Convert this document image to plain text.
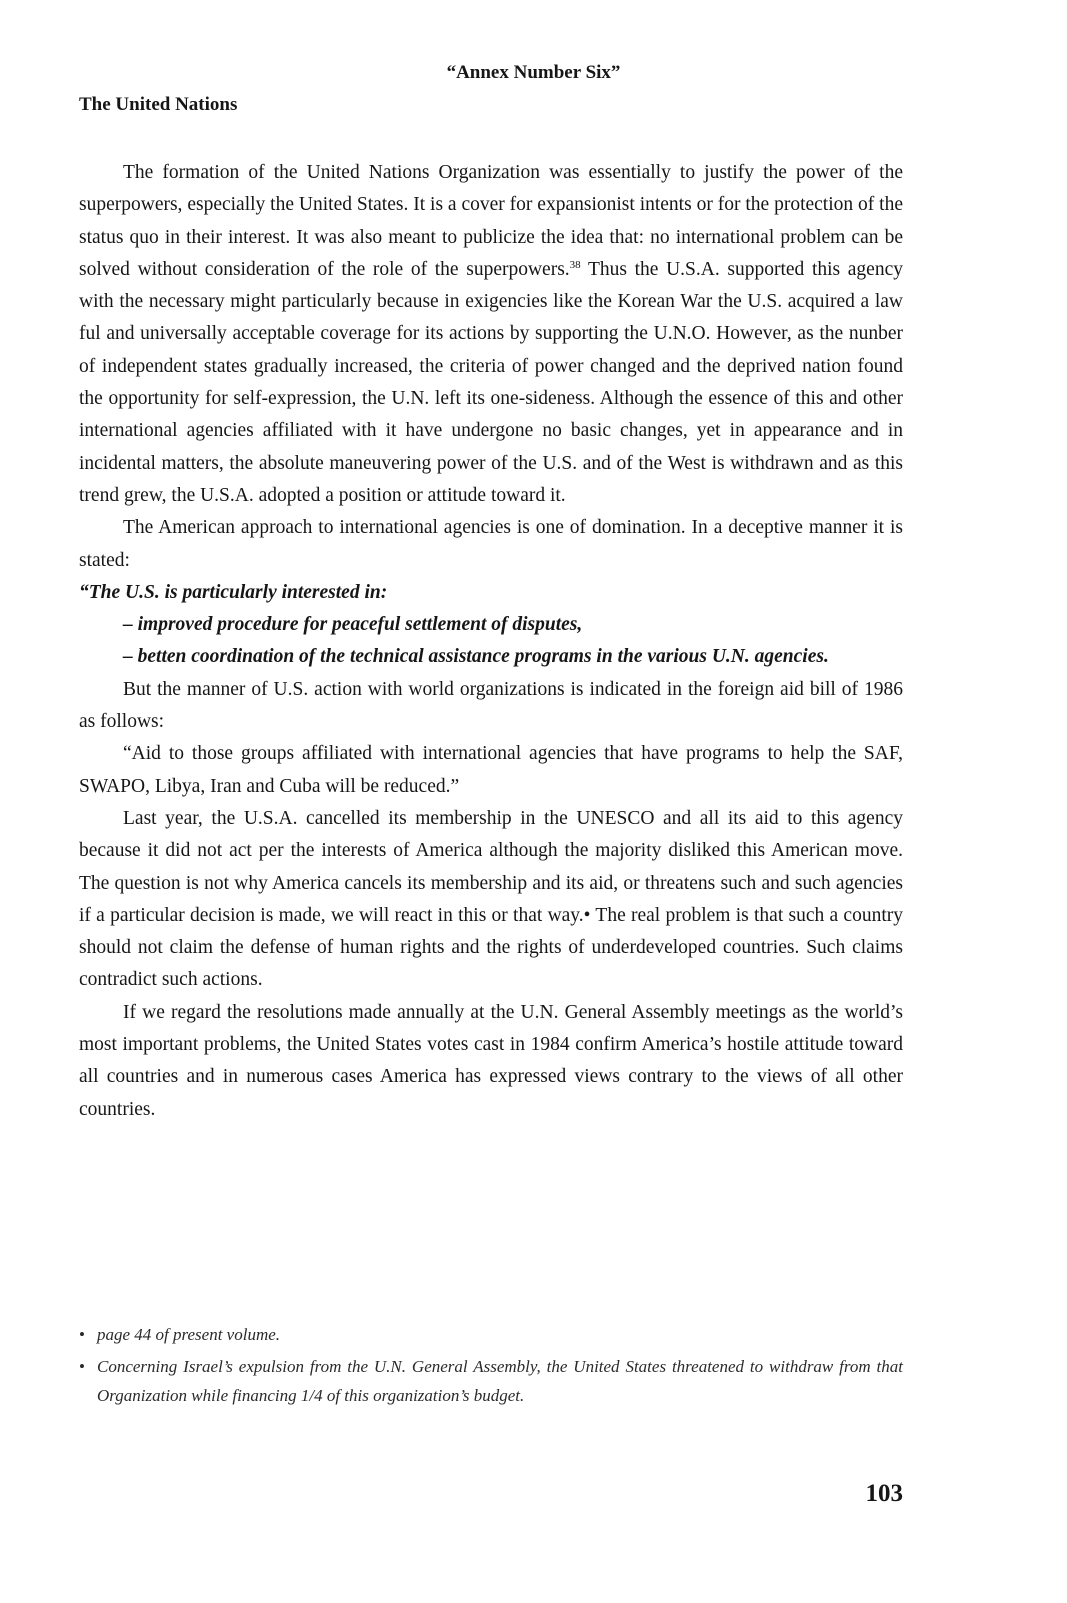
“Annex Number Six”

The United Nations

The formation of the United Nations Organization was essentially to justify the power of the superpowers, especially the United States. It is a cover for expansionist intents or for the protection of the status quo in their interest. It was also meant to publicize the idea that: no international problem can be solved without consideration of the role of the superpowers.$^{38}$ Thus the U.S.A. supported this agency with the necessary might particularly because in exigencies like the Korean War the U.S. acquired a law ful and universally acceptable coverage for its actions by supporting the U.N.O. However, as the nunber of independent states gradually increased, the criteria of power changed and the deprived nation found the opportunity for self-expression, the U.N. left its one-sideness. Although the essence of this and other international agencies affiliated with it have undergone no basic changes, yet in appearance and in incidental matters, the absolute maneuvering power of the U.S. and of the West is withdrawn and as this trend grew, the U.S.A. adopted a position or attitude toward it.

The American approach to international agencies is one of domination. In a deceptive manner it is stated:

“The U.S. is particularly interested in:

– improved procedure for peaceful settlement of disputes,

– betten coordination of the technical assistance programs in the various U.N. agencies.

But the manner of U.S. action with world organizations is indicated in the foreign aid bill of 1986 as follows:

“Aid to those groups affiliated with international agencies that have programs to help the SAF, SWAPO, Libya, Iran and Cuba will be reduced.”

Last year, the U.S.A. cancelled its membership in the UNESCO and all its aid to this agency because it did not act per the interests of America although the majority disliked this American move. The question is not why America cancels its membership and its aid, or threatens such and such agencies if a particular decision is made, we will react in this or that way.• The real problem is that such a country should not claim the defense of human rights and the rights of underdeveloped countries. Such claims contradict such actions.

If we regard the resolutions made annually at the U.N. General Assembly meetings as the world’s most important problems, the United States votes cast in 1984 confirm America’s hostile attitude toward all countries and in numerous cases America has expressed views contrary to the views of all other countries.

• page 44 of present volume.

• Concerning Israel’s expulsion from the U.N. General Assembly, the United States threatened to withdraw from that Organization while financing 1/4 of this organization’s budget.

103
